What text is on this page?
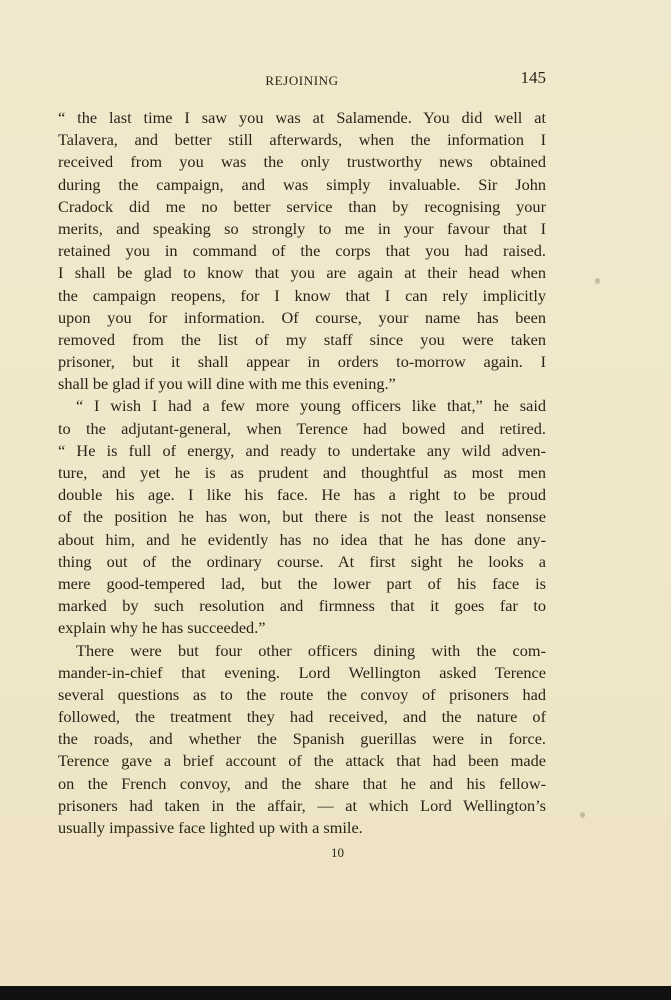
REJOINING	145
“ the last time I saw you was at Salamende. You did well at
Talavera, and better still afterwards, when the information I
received from you was the only trustworthy news obtained
during the campaign, and was simply invaluable. Sir John
Cradock did me no better service than by recognising your
merits, and speaking so strongly to me in your favour that I
retained you in command of the corps that you had raised.
I shall be glad to know that you are again at their head when
the campaign reopens, for I know that I can rely implicitly
upon you for information. Of course, your name has been
removed from the list of my staff since you were taken
prisoner, but it shall appear in orders to-morrow again. I
shall be glad if you will dine with me this evening.”
“ I wish I had a few more young officers like that,” he said
to the adjutant-general, when Terence had bowed and retired.
“ He is full of energy, and ready to undertake any wild adven-
ture, and yet he is as prudent and thoughtful as most men
double his age. I like his face. He has a right to be proud
of the position he has won, but there is not the least nonsense
about him, and he evidently has no idea that he has done any-
thing out of the ordinary course. At first sight he looks a
mere good-tempered lad, but the lower part of his face is
marked by such resolution and firmness that it goes far to
explain why he has succeeded.”
There were but four other officers dining with the com-
mander-in-chief that evening. Lord Wellington asked Terence
several questions as to the route the convoy of prisoners had
followed, the treatment they had received, and the nature of
the roads, and whether the Spanish guerillas were in force.
Terence gave a brief account of the attack that had been made
on the French convoy, and the share that he and his fellow-
prisoners had taken in the affair, — at which Lord Wellington’s
usually impassive face lighted up with a smile.
10
